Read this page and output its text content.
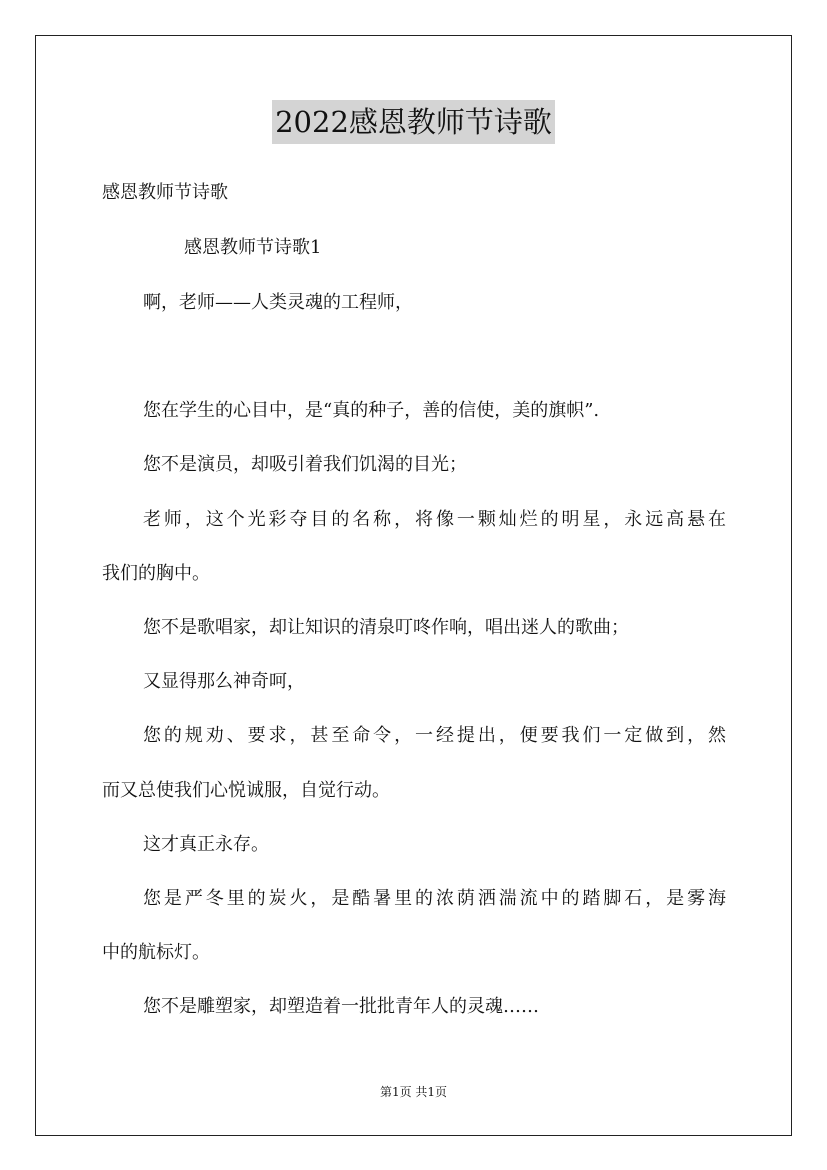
2022感恩教师节诗歌
感恩教师节诗歌
感恩教师节诗歌1
啊，老师——人类灵魂的工程师，
您在学生的心目中，是“真的种子，善的信使，美的旗帜”.
您不是演员，却吸引着我们饥渴的目光；
老师，这个光彩夺目的名称，将像一颗灿烂的明星，永远高悬在
我们的胸中。
您不是歌唱家，却让知识的清泉叮咚作响，唱出迷人的歌曲；
又显得那么神奇呵，
您的规劝、要求，甚至命令，一经提出，便要我们一定做到，然
而又总使我们心悦诚服，自觉行动。
这才真正永存。
您是严冬里的炭火，是酷暑里的浓荫洒湍流中的踏脚石，是雾海
中的航标灯。
您不是雕塑家，却塑造着一批批青年人的灵魂……
第1页 共1页
